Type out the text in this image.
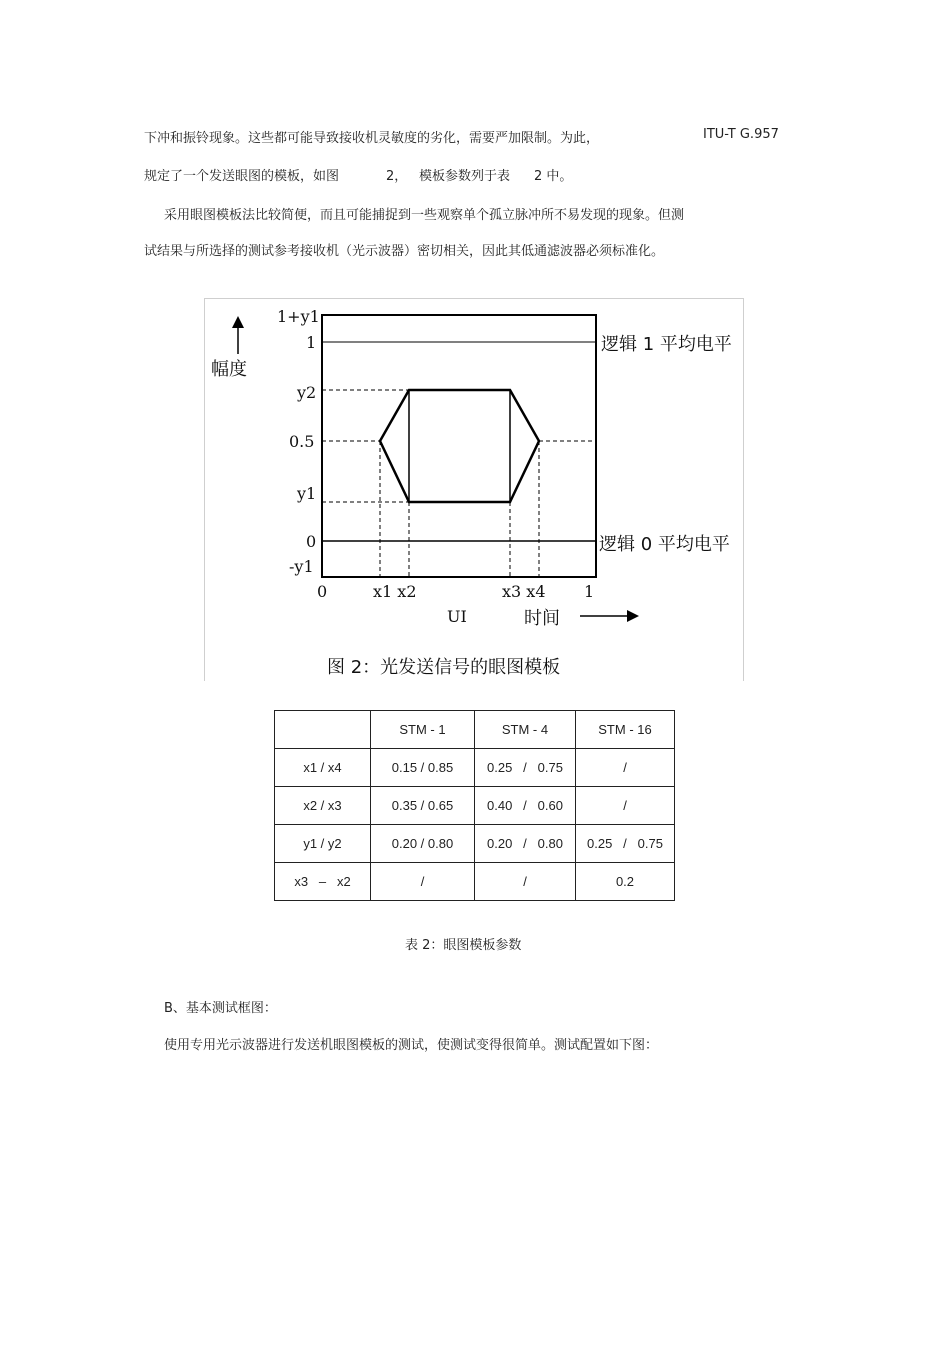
下冲和振铃现象。这些都可能导致接收机灵敏度的劣化，需要严加限制。为此，	ITU-T G.957
规定了一个发送眼图的模板，如图	2， 模板参数列于表 2 中。
采用眼图模板法比较简便，而且可能捕捉到一些观察单个孤立脉冲所不易发现的现象。但测
试结果与所选择的测试参考接收机（光示波器）密切相关，因此其低通滤波器必须标准化。
幅度
1+y1
1
y2
0.5
y1
0
-y1
0	x1 x2	x3 x4 1
UI	时间
逻辑 1 平均电平
逻辑 0 平均电平
图 2：光发送信号的眼图模板
	STM - 1	STM - 4	STM - 16
x1 / x4	0.15 / 0.85	0.25   /   0.75	/
x2 / x3	0.35 / 0.65	0.40   /   0.60	/
y1 / y2	0.20 / 0.80	0.20   /   0.80	0.25   /   0.75
x3   –   x2	/	/	0.2
表 2：眼图模板参数
B、基本测试框图：
使用专用光示波器进行发送机眼图模板的测试，使测试变得很简单。测试配置如下图：
